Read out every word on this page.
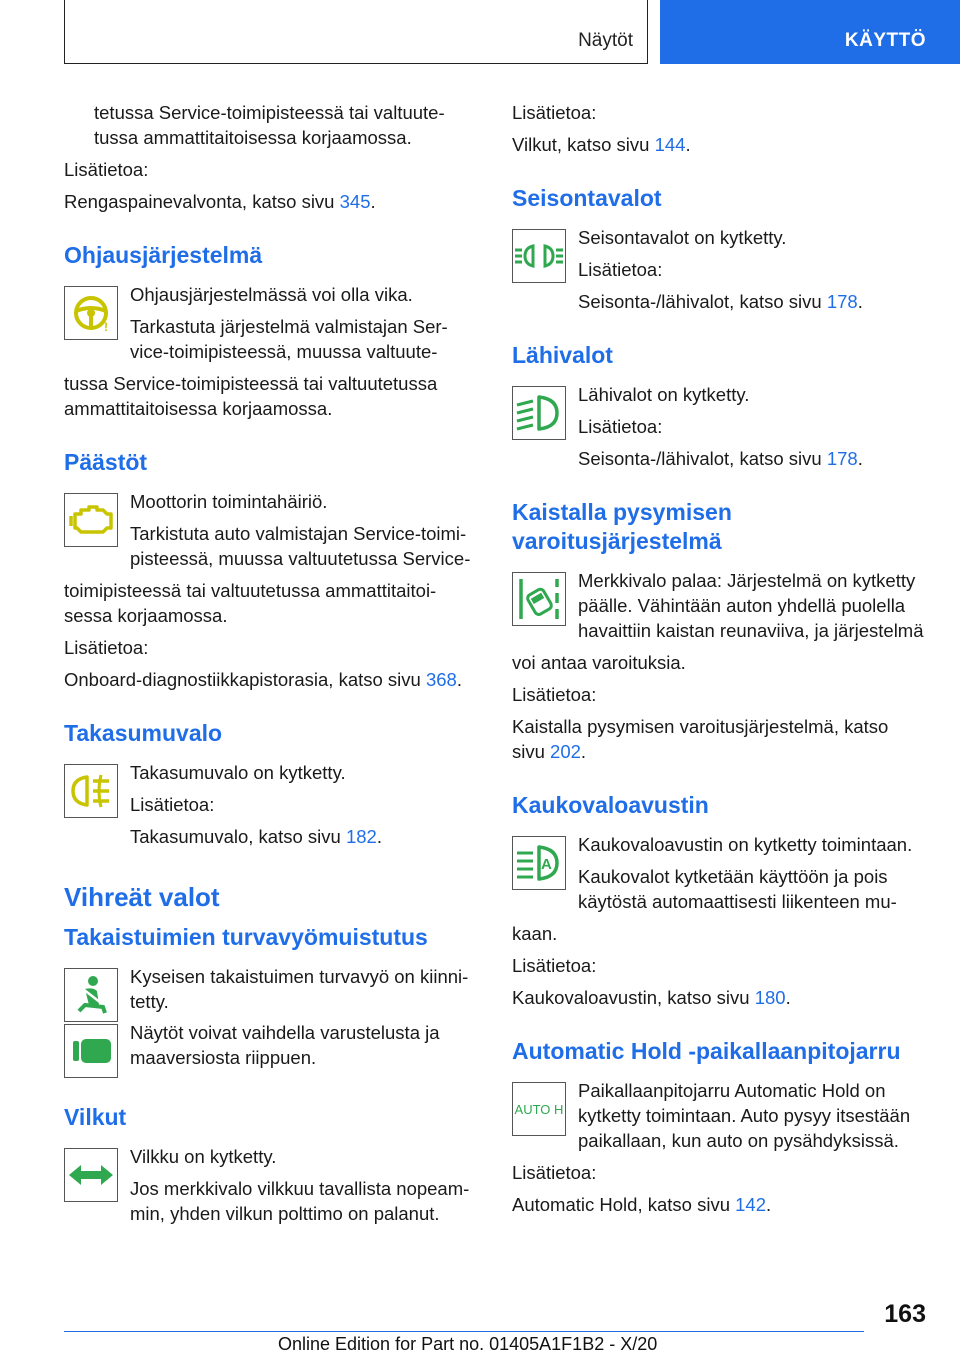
Näytöt	KÄYTTÖ

tetussa Service-toimipisteessä tai valtuute-tussa ammattitaitoisessa korjaamossa.

Lisätietoa:

Rengaspainevalvonta, katso sivu 345.

Ohjausjärjestelmä
!

Ohjausjärjestelmässä voi olla vika.

Tarkastuta järjestelmä valmistajan Ser-vice-toimipisteessä, muussa valtuute-

tussa Service-toimipisteessä tai valtuutetussa ammattitaitoisessa korjaamossa.

Päästöt

Moottorin toimintahäiriö.

Tarkistuta auto valmistajan Service-toimi-pisteessä, muussa valtuutetussa Service-

toimipisteessä tai valtuutetussa ammattitaitoi-sessa korjaamossa.

Lisätietoa:

Onboard-diagnostiikkapistorasia, katso sivu 368.

Takasumuvalo

Takasumuvalo on kytketty.

Lisätietoa:

Takasumuvalo, katso sivu 182.

Vihreät valot
Takaistuimien turvavyömuistutus

Kyseisen takaistuimen turvavyö on kiinni-tetty.

Näytöt voivat vaihdella varustelusta ja maaversiosta riippuen.

Vilkut

Vilkku on kytketty.

Jos merkkivalo vilkkuu tavallista nopeam-min, yhden vilkun polttimo on palanut.

Lisätietoa:

Vilkut, katso sivu 144.

Seisontavalot

Seisontavalot on kytketty.

Lisätietoa:

Seisonta-/lähivalot, katso sivu 178.

Lähivalot

Lähivalot on kytketty.

Lisätietoa:

Seisonta-/lähivalot, katso sivu 178.

Kaistalla pysymisen varoitusjärjestelmä

Merkkivalo palaa: Järjestelmä on kytketty päälle. Vähintään auton yhdellä puolella havaittiin kaistan reunaviiva, ja järjestelmä

voi antaa varoituksia.

Lisätietoa:

Kaistalla pysymisen varoitusjärjestelmä, katso sivu 202.

Kaukovaloavustin
A

Kaukovaloavustin on kytketty toimintaan.

Kaukovalot kytketään käyttöön ja pois käytöstä automaattisesti liikenteen mu-

kaan.

Lisätietoa:

Kaukovaloavustin, katso sivu 180.

Automatic Hold -paikallaanpitojarru
AUTO H

Paikallaanpitojarru Automatic Hold on kytketty toimintaan. Auto pysyy itsestään paikallaan, kun auto on pysähdyksissä.

Lisätietoa:

Automatic Hold, katso sivu 142.

163
Online Edition for Part no. 01405A1F1B2 - X/20
